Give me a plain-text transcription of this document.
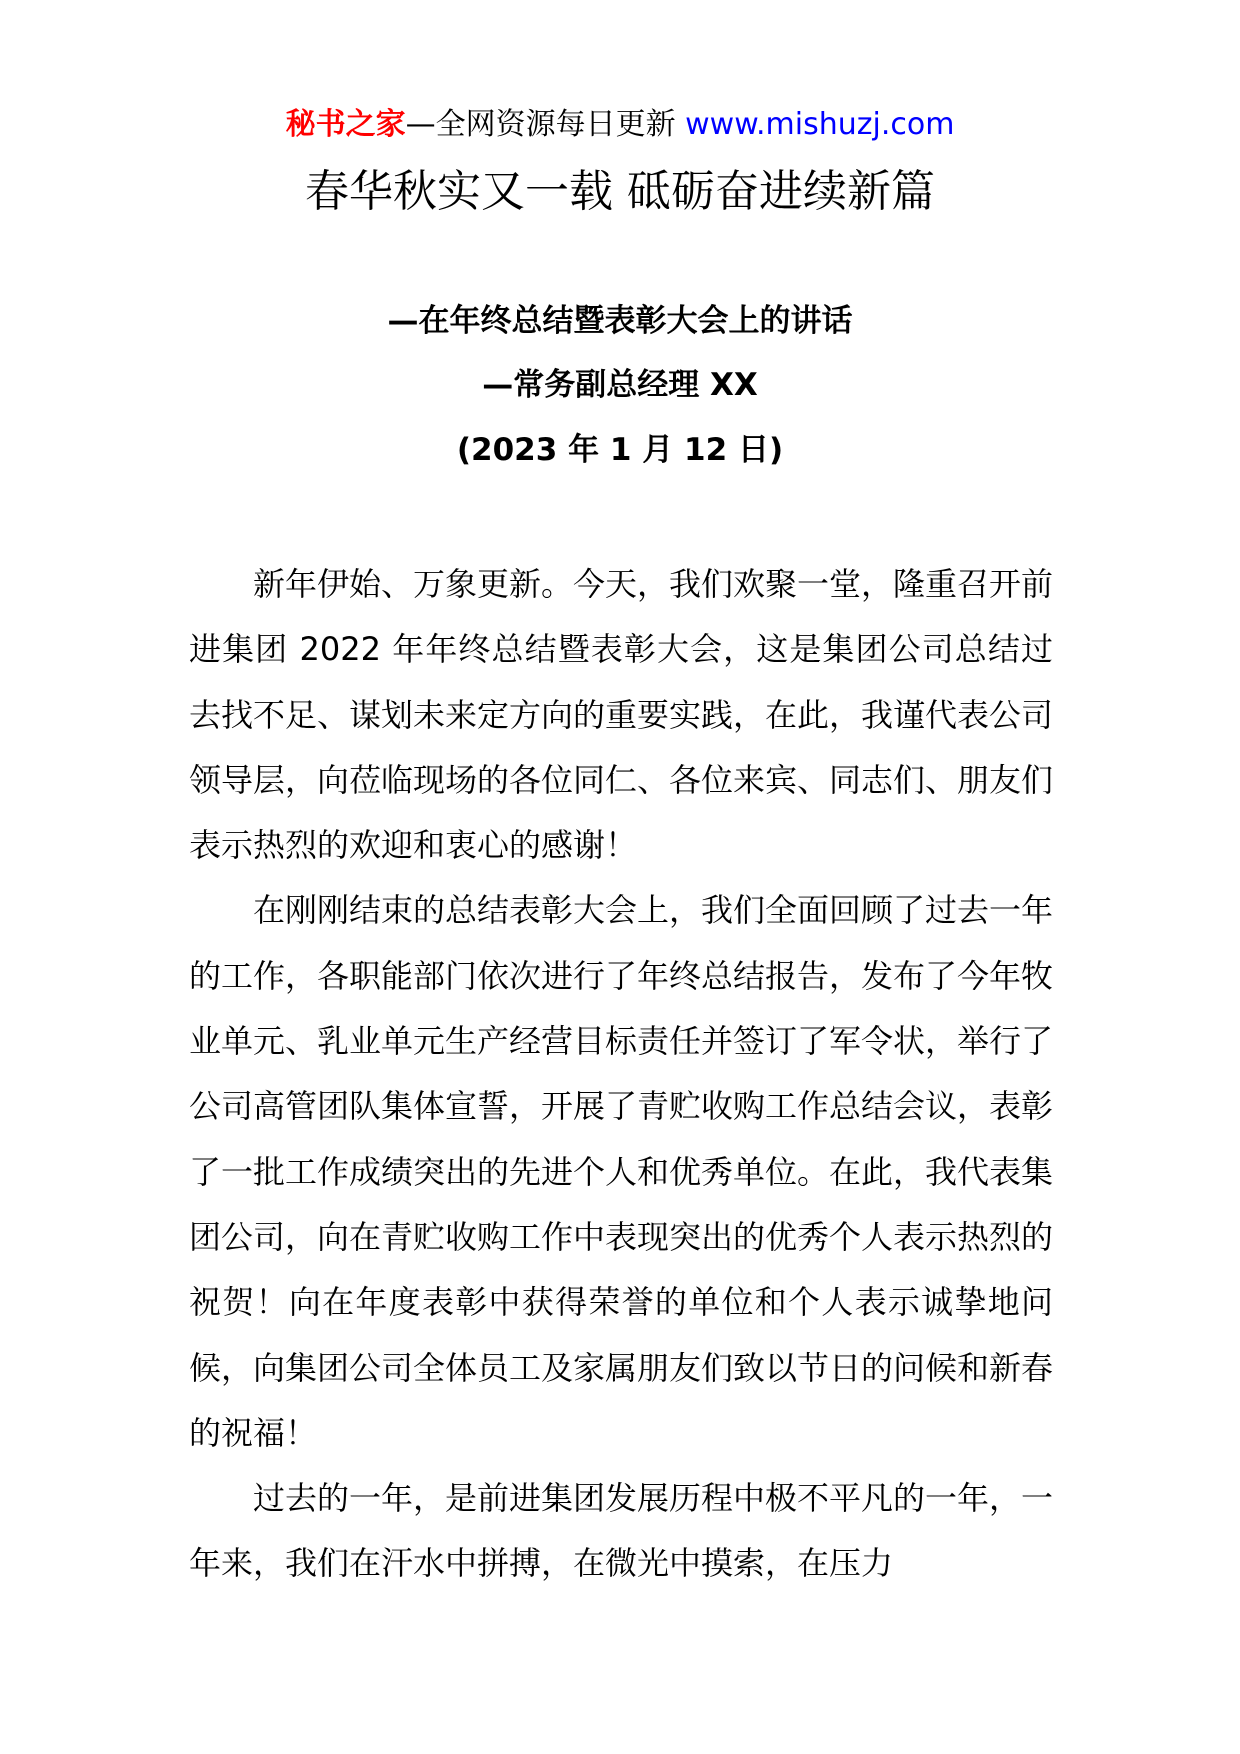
秘书之家—全网资源每日更新 www.mishuzj.com
春华秋实又一载 砥砺奋进续新篇
—在年终总结暨表彰大会上的讲话
—常务副总经理 XX
(2023 年 1 月 12 日)

新年伊始、万象更新。今天，我们欢聚一堂，隆重召开前进集团 2022 年年终总结暨表彰大会，这是集团公司总结过去找不足、谋划未来定方向的重要实践，在此，我谨代表公司领导层，向莅临现场的各位同仁、各位来宾、同志们、朋友们表示热烈的欢迎和衷心的感谢！

在刚刚结束的总结表彰大会上，我们全面回顾了过去一年的工作，各职能部门依次进行了年终总结报告，发布了今年牧业单元、乳业单元生产经营目标责任并签订了军令状，举行了公司高管团队集体宣誓，开展了青贮收购工作总结会议，表彰了一批工作成绩突出的先进个人和优秀单位。在此，我代表集团公司，向在青贮收购工作中表现突出的优秀个人表示热烈的祝贺！向在年度表彰中获得荣誉的单位和个人表示诚挚地问候，向集团公司全体员工及家属朋友们致以节日的问候和新春的祝福！

过去的一年，是前进集团发展历程中极不平凡的一年，一年来，我们在汗水中拼搏，在微光中摸索，在压力
